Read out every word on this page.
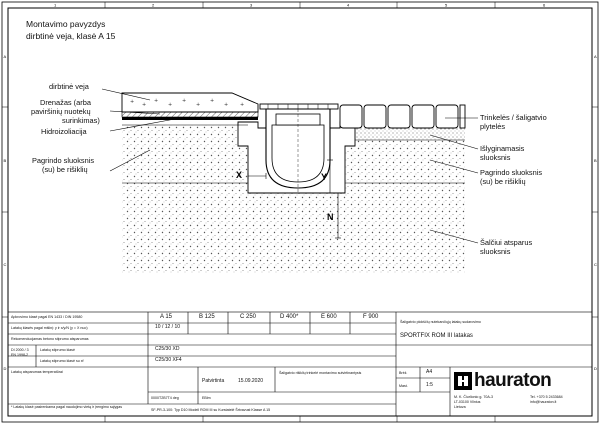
1	2	3	4	5	6
A
B
C
D
A
B
C
D
+ +
+
+
+
+
+
+ +
X	Y
N
Montavimo pavyzdys
dirbtinė veja, klasė A 15
dirbtinė veja
Drenažas (arba
paviršinių nuotekų
surinkimas)
Hidroizoliacija
Pagrindo sluoksnis
(su) be rišiklių
Trinkelės / šaligatvio
plytelės
Išlyginamasis
sluoksnis
Pagrindo sluoksnis
(su) be rišiklių
Šalčiui atsparus
sluoksnis
Apkrovimo klasė pagal EN 1433 / DIN 19580	A 15	B 125	C 250	D 400*	E 600	F 900
Latakų klasės pagal mišinį: y ir x/y/N (y = X nuo)	10 / 12 / 10
Rekomenduojamas betono stiprumo atsparumas
DI 2000 / 3
EN 1998-2
Latakų stiprumo klasė	C25/30 XD
Latakų stiprumo klasė su xf	C25/30 XF4
Latakų atsparumas temperatūrai
* Latakų klasė pasirenkama pagal naudojimo vietą ir įrengimo sąlygas
Patvirtinta	15.09.2020
0000T2B7T4 deg	EBlm
Šaligatvio rišiklių trinkelė montavimo sutvirtinantysis
SF-PR-3-100: Typ D10 Modell ROM III su Kurstatelė Šrtvavust Klasse A 15
Šaligatvio plokščių nutekančiųjų latakų sudarovimo
SPORTFIX ROM III latakas
Brėž.	A4
Mast.	1:5 hauraton
M. K. Čiurlionio g. 70A-3
LT-03100 Vilnius
Lietuva
Tel. +370 5 2433684
info@hauraton.lt
